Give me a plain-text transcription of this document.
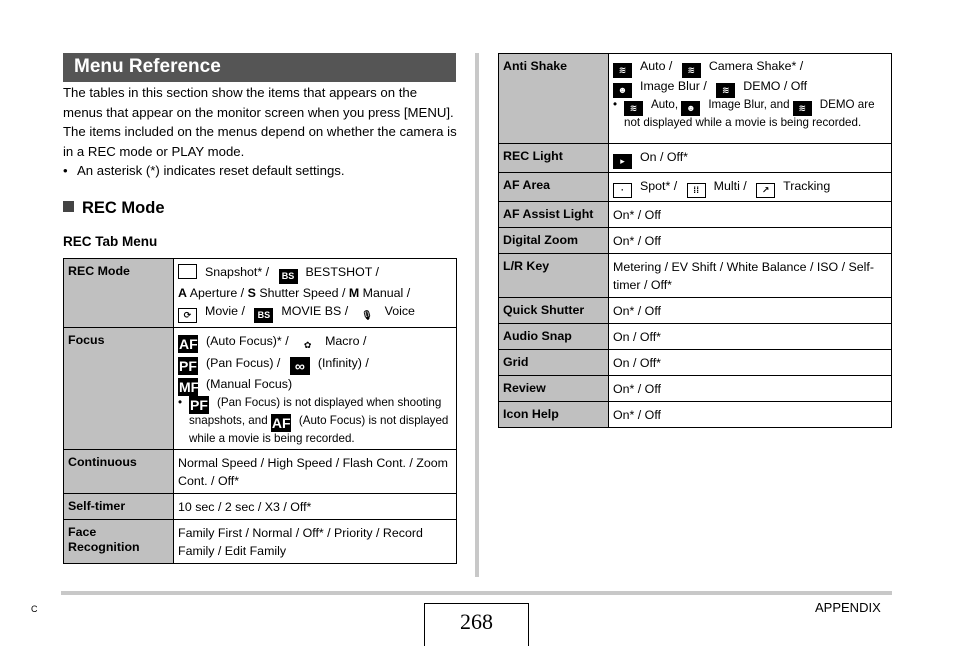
Menu Reference
The tables in this section show the items that appears on the menus that appear on the monitor screen when you press [MENU]. The items included on the menus depend on whether the camera is in a REC mode or PLAY mode.
• An asterisk (*) indicates reset default settings.
REC Mode
REC Tab Menu
REC Mode	Snapshot* / BS BESTSHOT /
A Aperture / S Shutter Speed / M Manual /
⟳ Movie / BS MOVIE BS / 🎙 Voice
Focus	AF (Auto Focus)* / ✿ Macro /
PF (Pan Focus) / ∞ (Infinity) /
MF (Manual Focus)
• PF (Pan Focus) is not displayed when shooting snapshots, and AF (Auto Focus) is not displayed while a movie is being recorded.

Continuous	Normal Speed / High Speed / Flash Cont. / Zoom Cont. / Off*
Self-timer	10 sec / 2 sec / X3 / Off*
Face Recognition	Family First / Normal / Off* / Priority / Record Family / Edit Family
Anti Shake	≋ Auto / ≋ Camera Shake* /
☻ Image Blur / ≋ DEMO / Off
• ≋ Auto, ☻ Image Blur, and ≋ DEMO are not displayed while a movie is being recorded.

REC Light	▸ On / Off*
AF Area	· Spot* / ⁞⁞ Multi / ↗ Tracking
AF Assist Light	On* / Off
Digital Zoom	On* / Off
L/R Key	Metering / EV Shift / White Balance / ISO / Self-timer / Off*
Quick Shutter	On* / Off
Audio Snap	On / Off*
Grid	On / Off*
Review	On* / Off
Icon Help	On* / Off
C	268
APPENDIX
